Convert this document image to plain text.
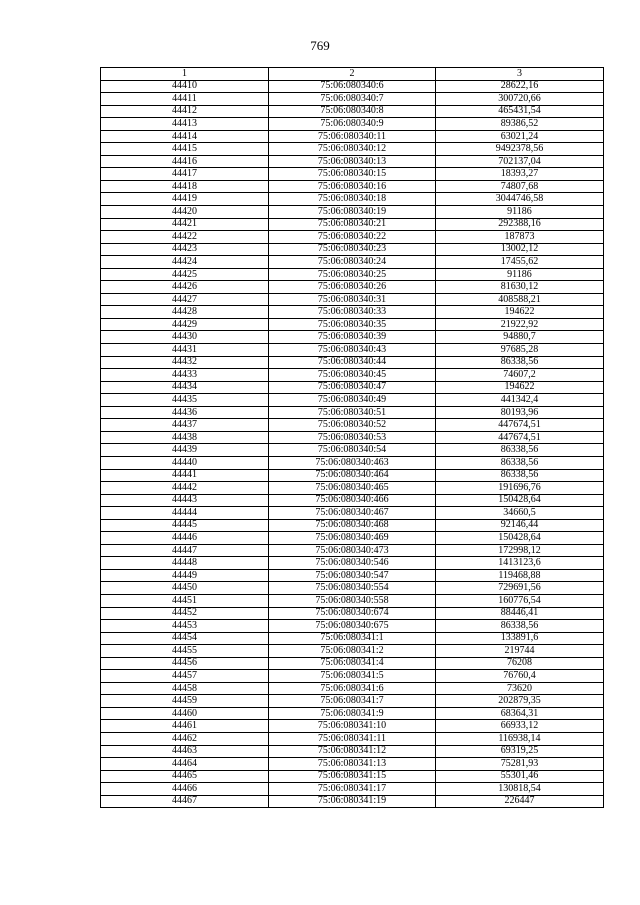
769
1	2	3
44410	75:06:080340:6	28622,16
44411	75:06:080340:7	300720,66
44412	75:06:080340:8	465431,54
44413	75:06:080340:9	89386,52
44414	75:06:080340:11	63021,24
44415	75:06:080340:12	9492378,56
44416	75:06:080340:13	702137,04
44417	75:06:080340:15	18393,27
44418	75:06:080340:16	74807,68
44419	75:06:080340:18	3044746,58
44420	75:06:080340:19	91186
44421	75:06:080340:21	292388,16
44422	75:06:080340:22	187873
44423	75:06:080340:23	13002,12
44424	75:06:080340:24	17455,62
44425	75:06:080340:25	91186
44426	75:06:080340:26	81630,12
44427	75:06:080340:31	408588,21
44428	75:06:080340:33	194622
44429	75:06:080340:35	21922,92
44430	75:06:080340:39	94880,7
44431	75:06:080340:43	97685,28
44432	75:06:080340:44	86338,56
44433	75:06:080340:45	74607,2
44434	75:06:080340:47	194622
44435	75:06:080340:49	441342,4
44436	75:06:080340:51	80193,96
44437	75:06:080340:52	447674,51
44438	75:06:080340:53	447674,51
44439	75:06:080340:54	86338,56
44440	75:06:080340:463	86338,56
44441	75:06:080340:464	86338,56
44442	75:06:080340:465	191696,76
44443	75:06:080340:466	150428,64
44444	75:06:080340:467	34660,5
44445	75:06:080340:468	92146,44
44446	75:06:080340:469	150428,64
44447	75:06:080340:473	172998,12
44448	75:06:080340:546	1413123,6
44449	75:06:080340:547	119468,88
44450	75:06:080340:554	729691,56
44451	75:06:080340:558	160776,54
44452	75:06:080340:674	88446,41
44453	75:06:080340:675	86338,56
44454	75:06:080341:1	133891,6
44455	75:06:080341:2	219744
44456	75:06:080341:4	76208
44457	75:06:080341:5	76760,4
44458	75:06:080341:6	73620
44459	75:06:080341:7	202879,35
44460	75:06:080341:9	68364,31
44461	75:06:080341:10	66933,12
44462	75:06:080341:11	116938,14
44463	75:06:080341:12	69319,25
44464	75:06:080341:13	75281,93
44465	75:06:080341:15	55301,46
44466	75:06:080341:17	130818,54
44467	75:06:080341:19	226447
